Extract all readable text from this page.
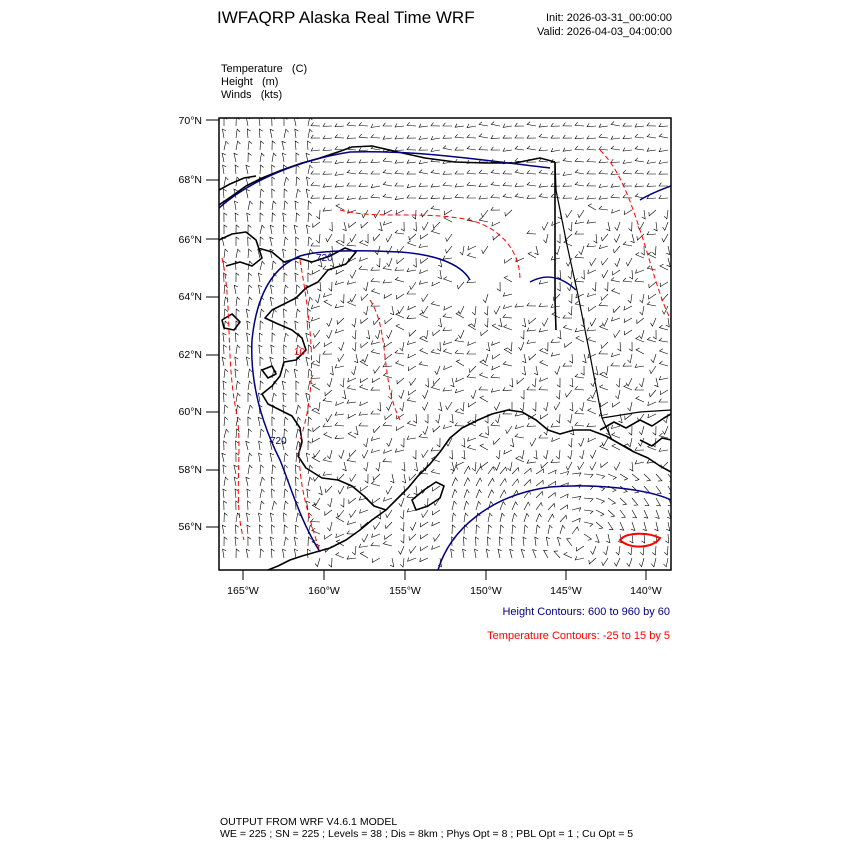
IWFAQRP Alaska Real Time WRF	Init: 2026-03-31_00:00:00
Valid: 2026-04-03_04:00:00
Temperature   (C)
Height   (m)
Winds   (kts)
720
720
10
70°N
68°N
66°N
64°N
62°N
60°N
58°N
56°N
165°W	160°W	155°W	150°W	145°W	140°W
Height Contours: 600 to 960 by 60
Temperature Contours: -25 to 15 by 5
OUTPUT FROM WRF V4.6.1 MODEL
WE = 225 ; SN = 225 ; Levels = 38 ; Dis = 8km ; Phys Opt = 8 ; PBL Opt = 1 ; Cu Opt = 5
